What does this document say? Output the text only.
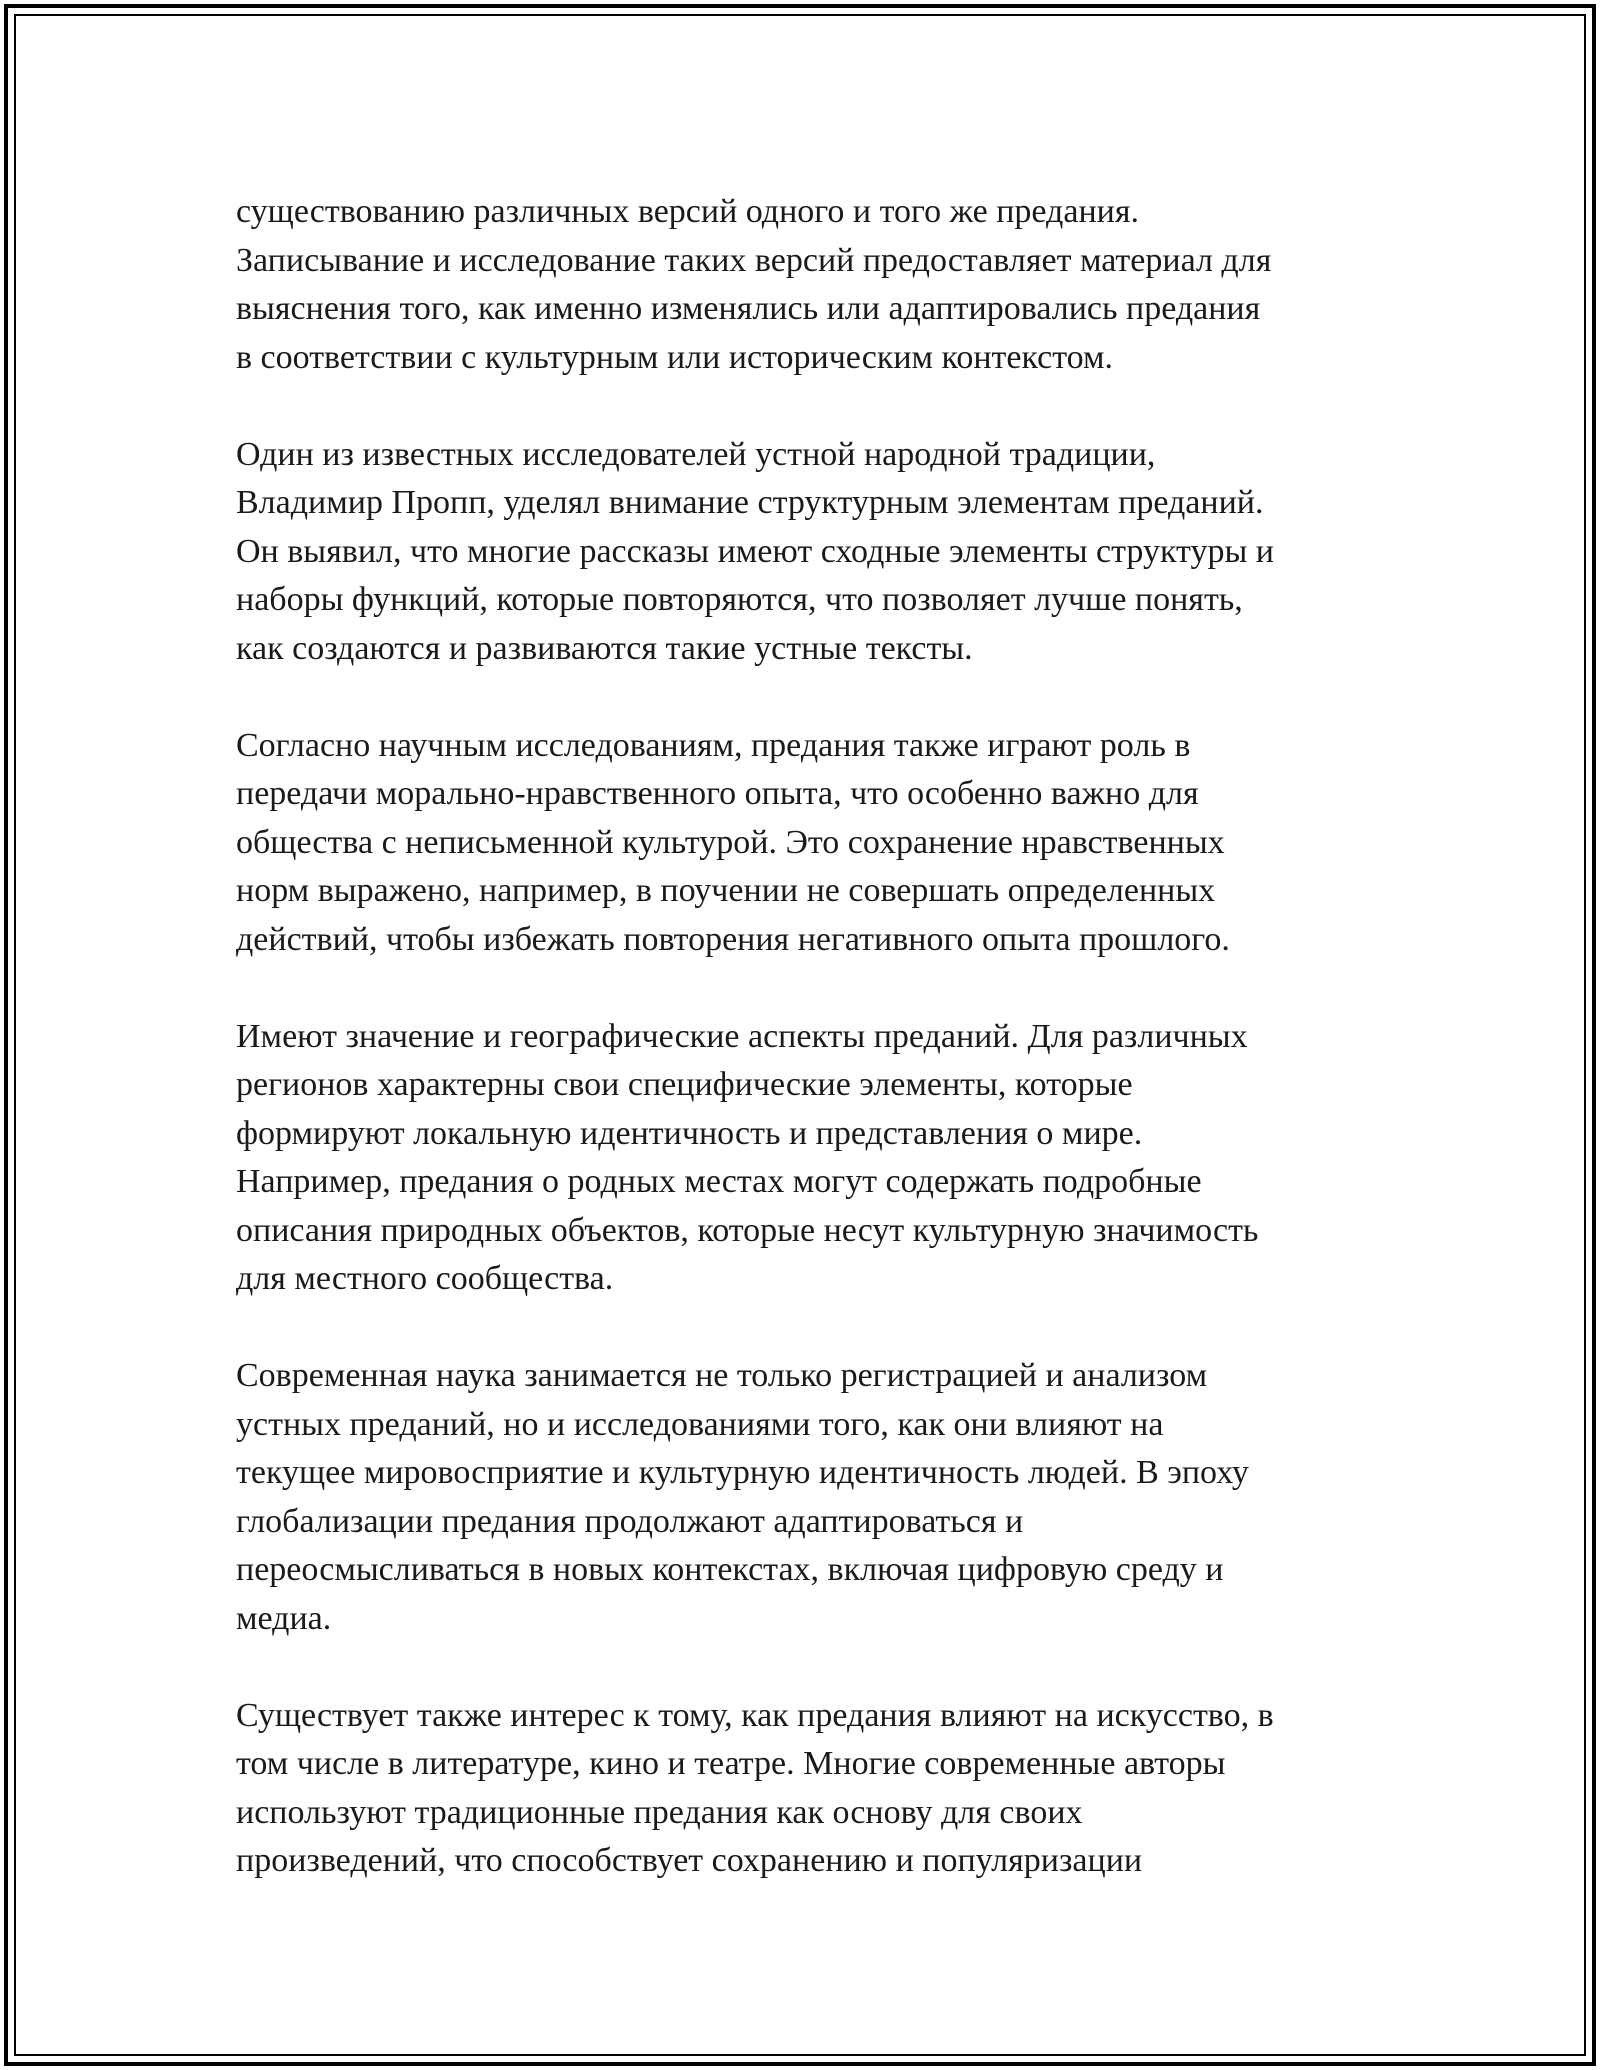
существованию различных версий одного и того же предания.
Записывание и исследование таких версий предоставляет материал для
выяснения того, как именно изменялись или адаптировались предания
в соответствии с культурным или историческим контекстом.

Один из известных исследователей устной народной традиции,
Владимир Пропп, уделял внимание структурным элементам преданий.
Он выявил, что многие рассказы имеют сходные элементы структуры и
наборы функций, которые повторяются, что позволяет лучше понять,
как создаются и развиваются такие устные тексты.

Согласно научным исследованиям, предания также играют роль в
передачи морально-нравственного опыта, что особенно важно для
общества с неписьменной культурой. Это сохранение нравственных
норм выражено, например, в поучении не совершать определенных
действий, чтобы избежать повторения негативного опыта прошлого.

Имеют значение и географические аспекты преданий. Для различных
регионов характерны свои специфические элементы, которые
формируют локальную идентичность и представления о мире.
Например, предания о родных местах могут содержать подробные
описания природных объектов, которые несут культурную значимость
для местного сообщества.

Современная наука занимается не только регистрацией и анализом
устных преданий, но и исследованиями того, как они влияют на
текущее мировосприятие и культурную идентичность людей. В эпоху
глобализации предания продолжают адаптироваться и
переосмысливаться в новых контекстах, включая цифровую среду и
медиа.

Существует также интерес к тому, как предания влияют на искусство, в
том числе в литературе, кино и театре. Многие современные авторы
используют традиционные предания как основу для своих
произведений, что способствует сохранению и популяризации
